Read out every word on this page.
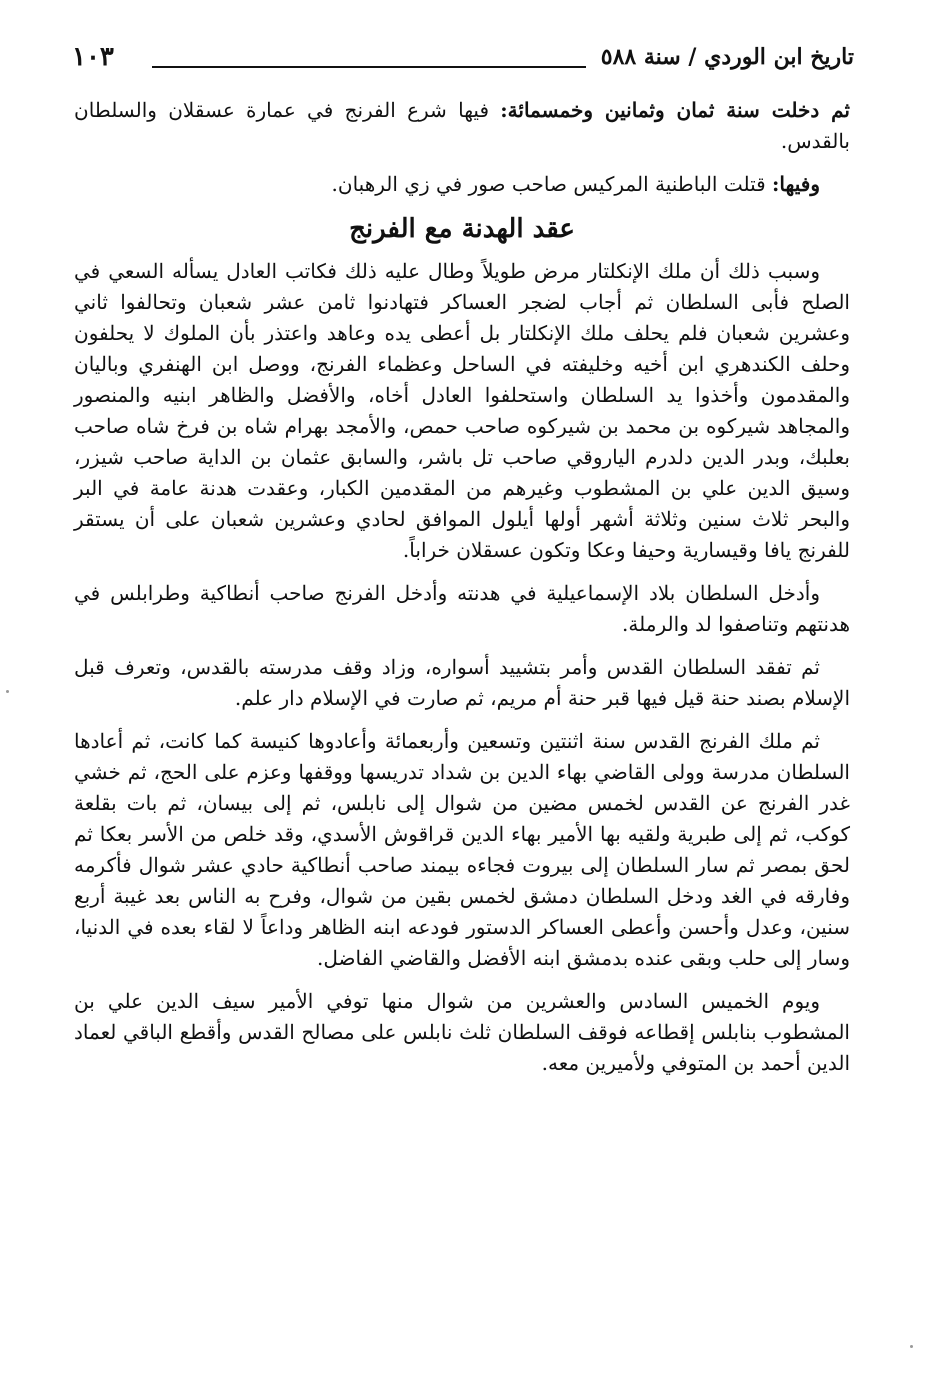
تاريخ ابن الوردي / سنة ٥٨٨
١٠٣

ثم دخلت سنة ثمان وثمانين وخمسمائة: فيها شرع الفرنج في عمارة عسقلان والسلطان بالقدس.

وفيها: قتلت الباطنية المركيس صاحب صور في زي الرهبان.

عقد الهدنة مع الفرنج

وسبب ذلك أن ملك الإنكلتار مرض طويلاً وطال عليه ذلك فكاتب العادل يسأله السعي في الصلح فأبى السلطان ثم أجاب لضجر العساكر فتهادنوا ثامن عشر شعبان وتحالفوا ثاني وعشرين شعبان فلم يحلف ملك الإنكلتار بل أعطى يده وعاهد واعتذر بأن الملوك لا يحلفون وحلف الكندهري ابن أخيه وخليفته في الساحل وعظماء الفرنج، ووصل ابن الهنفري وباليان والمقدمون وأخذوا يد السلطان واستحلفوا العادل أخاه، والأفضل والظاهر ابنيه والمنصور والمجاهد شيركوه بن محمد بن شيركوه صاحب حمص، والأمجد بهرام شاه بن فرخ شاه صاحب بعلبك، وبدر الدين دلدرم الياروقي صاحب تل باشر، والسابق عثمان بن الداية صاحب شيزر، وسيق الدين علي بن المشطوب وغيرهم من المقدمين الكبار، وعقدت هدنة عامة في البر والبحر ثلاث سنين وثلاثة أشهر أولها أيلول الموافق لحادي وعشرين شعبان على أن يستقر للفرنج يافا وقيسارية وحيفا وعكا وتكون عسقلان خراباً.

وأدخل السلطان بلاد الإسماعيلية في هدنته وأدخل الفرنج صاحب أنطاكية وطرابلس في هدنتهم وتناصفوا لد والرملة.

ثم تفقد السلطان القدس وأمر بتشييد أسواره، وزاد وقف مدرسته بالقدس، وتعرف قبل الإسلام بصند حنة قيل فيها قبر حنة أم مريم، ثم صارت في الإسلام دار علم.

ثم ملك الفرنج القدس سنة اثنتين وتسعين وأربعمائة وأعادوها كنيسة كما كانت، ثم أعادها السلطان مدرسة وولى القاضي بهاء الدين بن شداد تدريسها ووقفها وعزم على الحج، ثم خشي غدر الفرنج عن القدس لخمس مضين من شوال إلى نابلس، ثم إلى بيسان، ثم بات بقلعة كوكب، ثم إلى طبرية ولقيه بها الأمير بهاء الدين قراقوش الأسدي، وقد خلص من الأسر بعكا ثم لحق بمصر ثم سار السلطان إلى بيروت فجاءه بيمند صاحب أنطاكية حادي عشر شوال فأكرمه وفارقه في الغد ودخل السلطان دمشق لخمس بقين من شوال، وفرح به الناس بعد غيبة أربع سنين، وعدل وأحسن وأعطى العساكر الدستور فودعه ابنه الظاهر وداعاً لا لقاء بعده في الدنيا، وسار إلى حلب وبقى عنده بدمشق ابنه الأفضل والقاضي الفاضل.

ويوم الخميس السادس والعشرين من شوال منها توفي الأمير سيف الدين علي بن المشطوب بنابلس إقطاعه فوقف السلطان ثلث نابلس على مصالح القدس وأقطع الباقي لعماد الدين أحمد بن المتوفي ولأميرين معه.
